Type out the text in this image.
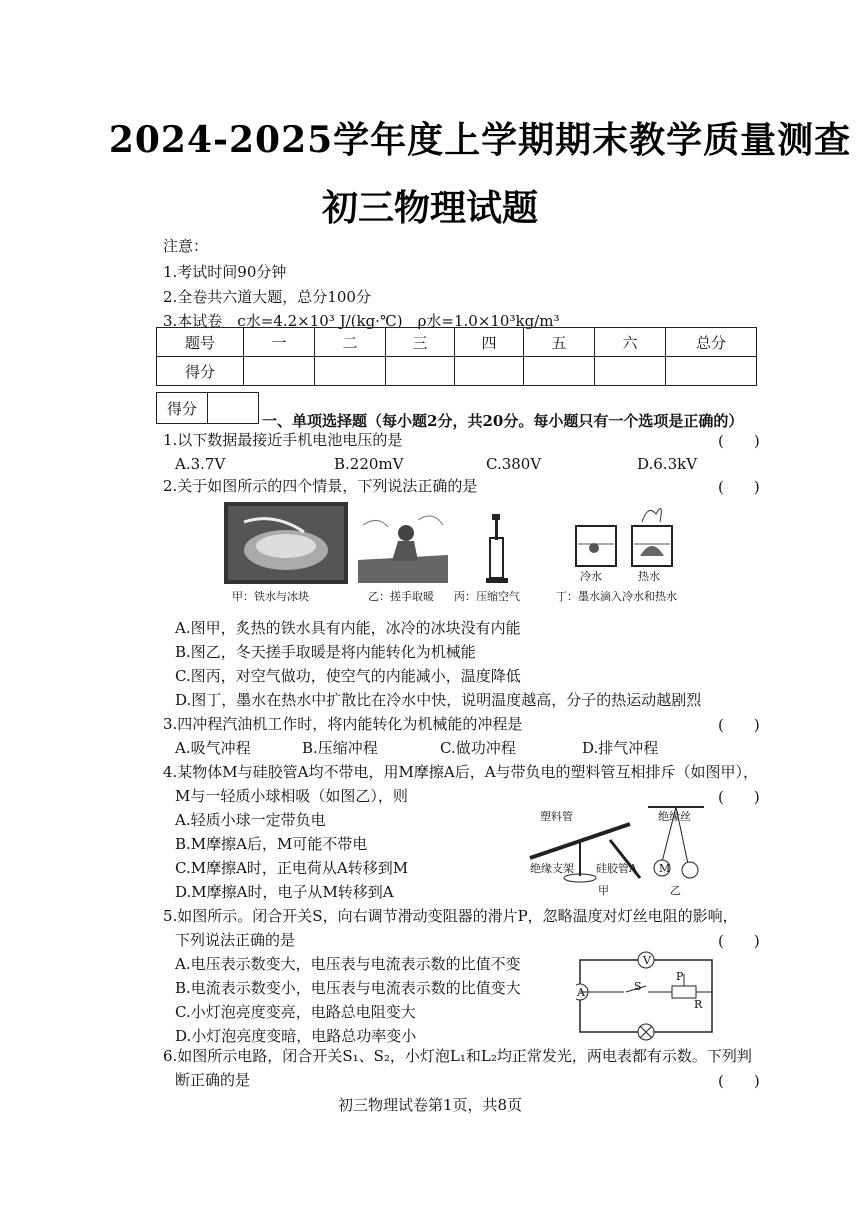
2024-2025学年度上学期期末教学质量测查
初三物理试题
注意：
1.考试时间90分钟
2.全卷共六道大题，总分100分
3.本试卷　c水=4.2×10³ J/(kg·℃)　ρ水=1.0×10³kg/m³
题号	一	二	三	四	五	六	总分
得分							
得分	
一、单项选择题（每小题2分，共20分。每小题只有一个选项是正确的）
1.以下数据最接近手机电池电压的是	(　　)
A.3.7V	B.220mV	C.380V	D.6.3kV
2.关于如图所示的四个情景，下列说法正确的是	(　　)
冷水	热水
甲：铁水与冰块	乙：搓手取暖 丙：压缩空气	丁：墨水滴入冷水和热水
A.图甲，炙热的铁水具有内能，冰冷的冰块没有内能
B.图乙，冬天搓手取暖是将内能转化为机械能
C.图丙，对空气做功，使空气的内能减小，温度降低
D.图丁，墨水在热水中扩散比在冷水中快，说明温度越高，分子的热运动越剧烈
3.四冲程汽油机工作时，将内能转化为机械能的冲程是	(　　)
A.吸气冲程	B.压缩冲程	C.做功冲程	D.排气冲程
4.某物体M与硅胶管A均不带电，用M摩擦A后，A与带负电的塑料管互相排斥（如图甲），
M与一轻质小球相吸（如图乙），则	(　　)
A.轻质小球一定带负电
B.M摩擦A后，M可能不带电
C.M摩擦A时，正电荷从A转移到M
D.M摩擦A时，电子从M转移到A
塑料管
绝缘支架 硅胶管A
甲
绝缘丝
M
乙
5.如图所示。闭合开关S，向右调节滑动变阻器的滑片P，忽略温度对灯丝电阻的影响，
下列说法正确的是	(　　)
A.电压表示数变大，电压表与电流表示数的比值不变
B.电流表示数变小，电压表与电流表示数的比值变大
C.小灯泡亮度变亮，电路总电阻变大
D.小灯泡亮度变暗，电路总功率变小
V
A	S
P
R
6.如图所示电路，闭合开关S₁、S₂，小灯泡L₁和L₂均正常发光，两电表都有示数。下列判
断正确的是	(　　)
初三物理试卷第1页，共8页
